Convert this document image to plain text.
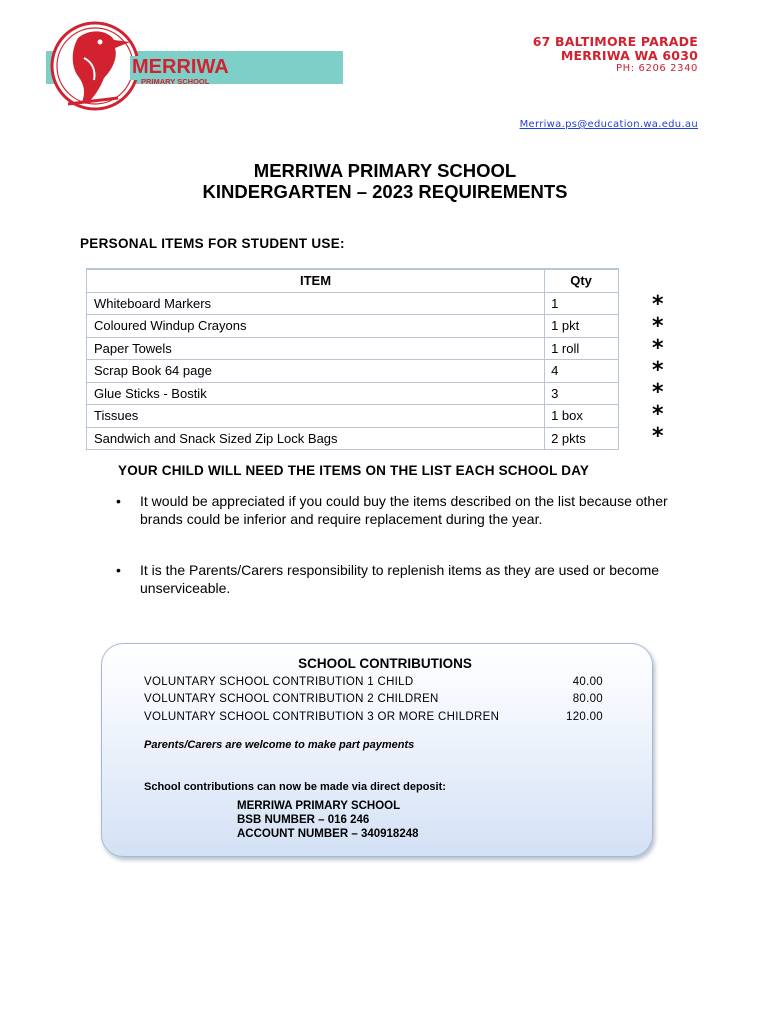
MERRIWA
PRIMARY SCHOOL
67 BALTIMORE PARADE
MERRIWA WA 6030
PH: 6206 2340
Merriwa.ps@education.wa.edu.au
MERRIWA PRIMARY SCHOOL
KINDERGARTEN – 2023 REQUIREMENTS
PERSONAL ITEMS FOR STUDENT USE:
ITEM	Qty
Whiteboard Markers	1
Coloured Windup Crayons	1 pkt
Paper Towels	1 roll
Scrap Book 64 page	4
Glue Sticks - Bostik	3
Tissues	1 box
Sandwich and Snack Sized Zip Lock Bags	2 pkts
*
*
*
*
*
*
*
YOUR CHILD WILL NEED THE ITEMS ON THE LIST EACH SCHOOL DAY
• It would be appreciated if you could buy the items described on the list because other brands could be inferior and require replacement during the year.
• It is the Parents/Carers responsibility to replenish items as they are used or become unserviceable.
SCHOOL CONTRIBUTIONS
VOLUNTARY SCHOOL CONTRIBUTION 1 CHILD	40.00
VOLUNTARY SCHOOL CONTRIBUTION 2 CHILDREN	80.00
VOLUNTARY SCHOOL CONTRIBUTION 3 OR MORE CHILDREN	120.00
Parents/Carers are welcome to make part payments
School contributions can now be made via direct deposit:
MERRIWA PRIMARY SCHOOL
BSB NUMBER – 016 246
ACCOUNT NUMBER – 340918248
